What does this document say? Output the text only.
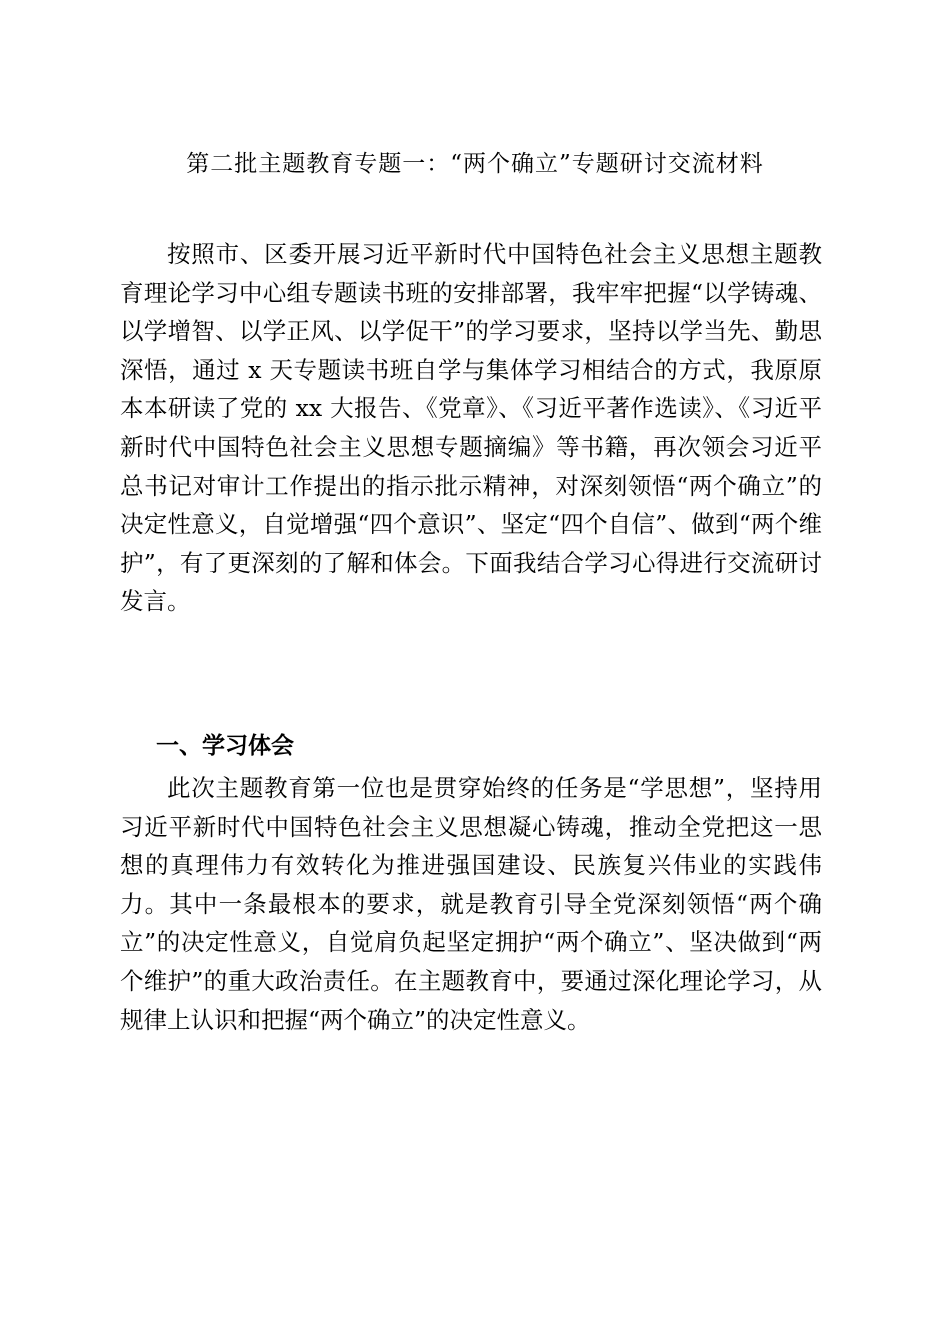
第二批主题教育专题一：“两个确立”专题研讨交流材料

按照市、区委开展习近平新时代中国特色社会主义思想主题教育理论学习中心组专题读书班的安排部署，我牢牢把握“以学铸魂、以学增智、以学正风、以学促干”的学习要求，坚持以学当先、勤思深悟，通过 x 天专题读书班自学与集体学习相结合的方式，我原原本本研读了党的 xx 大报告、《党章》、《习近平著作选读》、《习近平新时代中国特色社会主义思想专题摘编》等书籍，再次领会习近平总书记对审计工作提出的指示批示精神，对深刻领悟“两个确立”的决定性意义，自觉增强“四个意识”、坚定“四个自信”、做到“两个维护”，有了更深刻的了解和体会。下面我结合学习心得进行交流研讨发言。

一、学习体会

此次主题教育第一位也是贯穿始终的任务是“学思想”，坚持用习近平新时代中国特色社会主义思想凝心铸魂，推动全党把这一思想的真理伟力有效转化为推进强国建设、民族复兴伟业的实践伟力。其中一条最根本的要求，就是教育引导全党深刻领悟“两个确立”的决定性意义，自觉肩负起坚定拥护“两个确立”、坚决做到“两个维护”的重大政治责任。在主题教育中，要通过深化理论学习，从规律上认识和把握“两个确立”的决定性意义。
